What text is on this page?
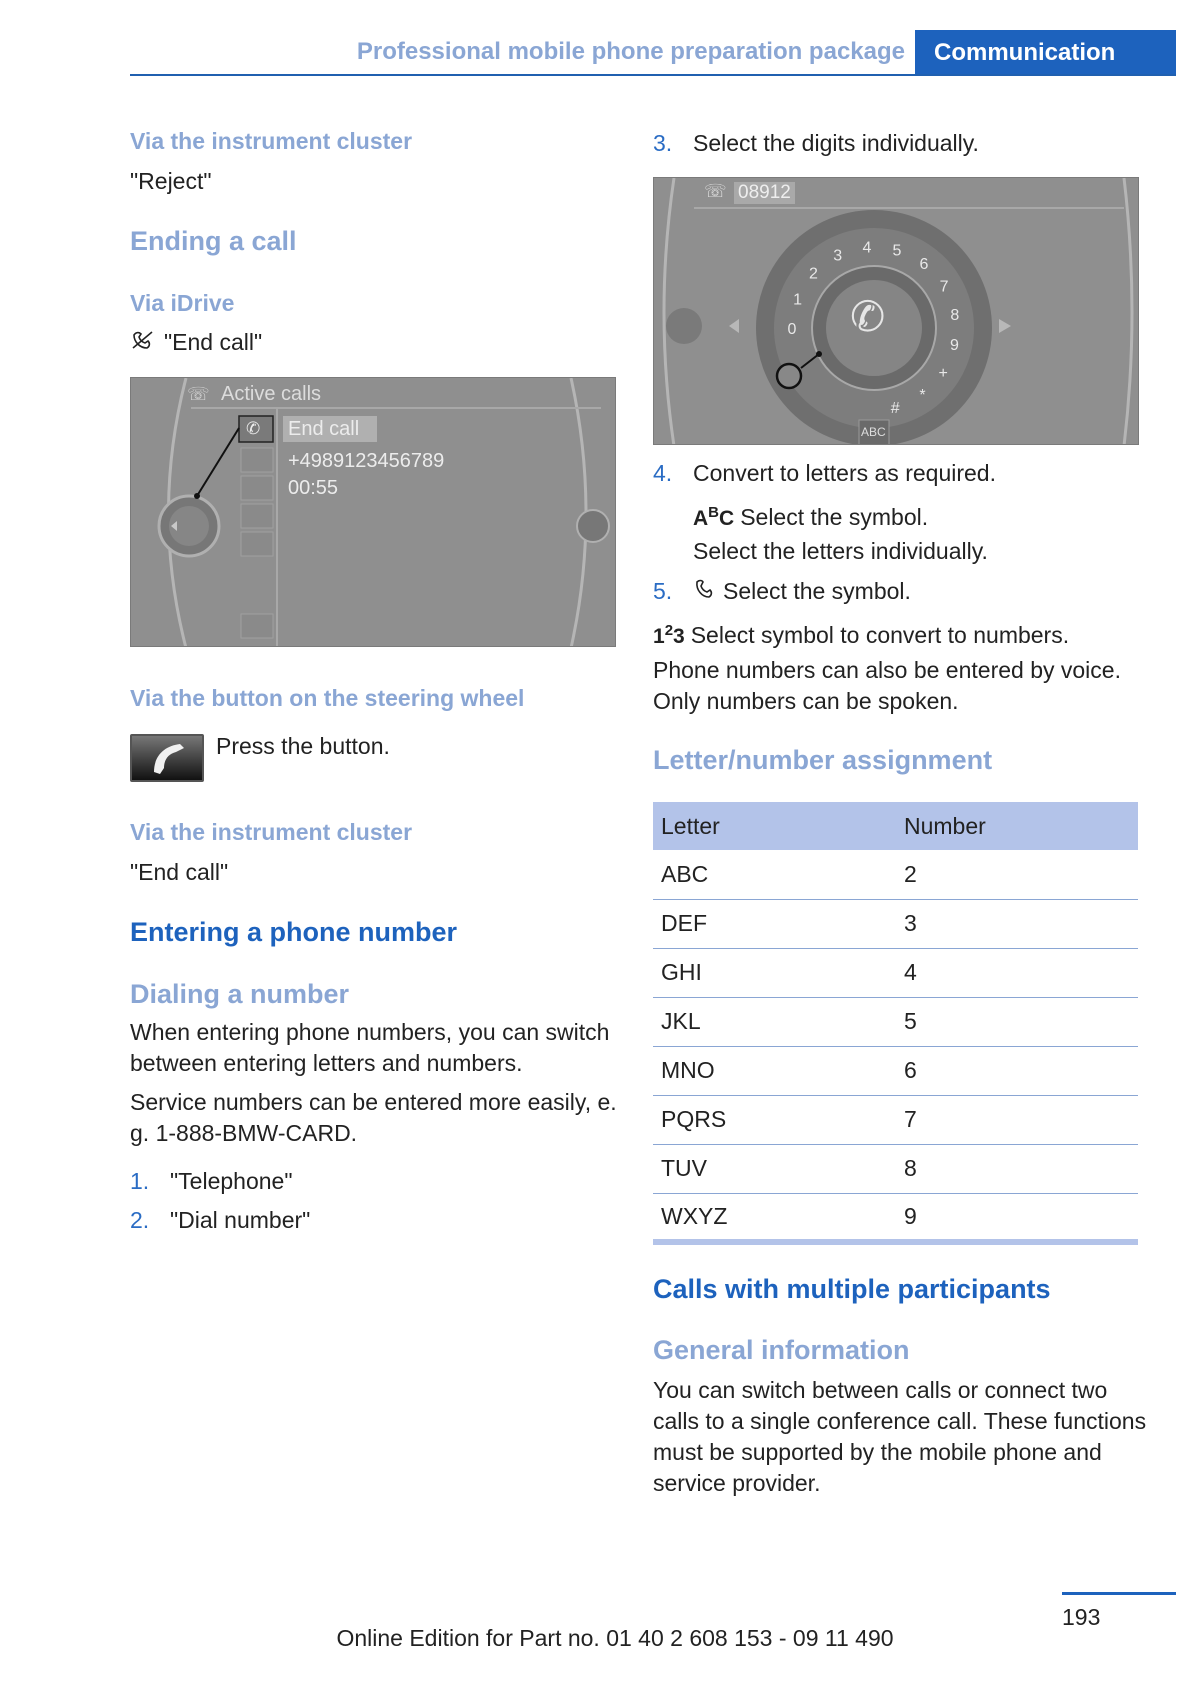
Professional mobile phone preparation package	Communication
Via the instrument cluster
"Reject"
Ending a call
Via iDrive
"End call"
☏ Active calls
✆ End call
+4989123456789
00:55
Via the button on the steering wheel
Press the button.
Via the instrument cluster
"End call"
Entering a phone number
Dialing a number
When entering phone numbers, you can switch between entering letters and numbers.
Service numbers can be entered more easily, e. g. 1-888-BMW-CARD.
1. "Telephone"
2. "Dial number"
3. Select the digits individually.
0
1
2
3 4 5
6
7
8
9
+
*
#
☏ 08912
✆
ABC
4. Convert to letters as required.
$A^BC$ Select the symbol.
Select the letters individually.
5. Select the symbol.
$1^23$ Select symbol to convert to numbers.
Phone numbers can also be entered by voice. Only numbers can be spoken.
Letter/number assignment
Letter	Number
ABC	2
DEF	3
GHI	4
JKL	5
MNO	6
PQRS	7
TUV	8
WXYZ	9
Calls with multiple participants
General information
You can switch between calls or connect two calls to a single conference call. These functions must be supported by the mobile phone and service provider.
193
Online Edition for Part no. 01 40 2 608 153 - 09 11 490
